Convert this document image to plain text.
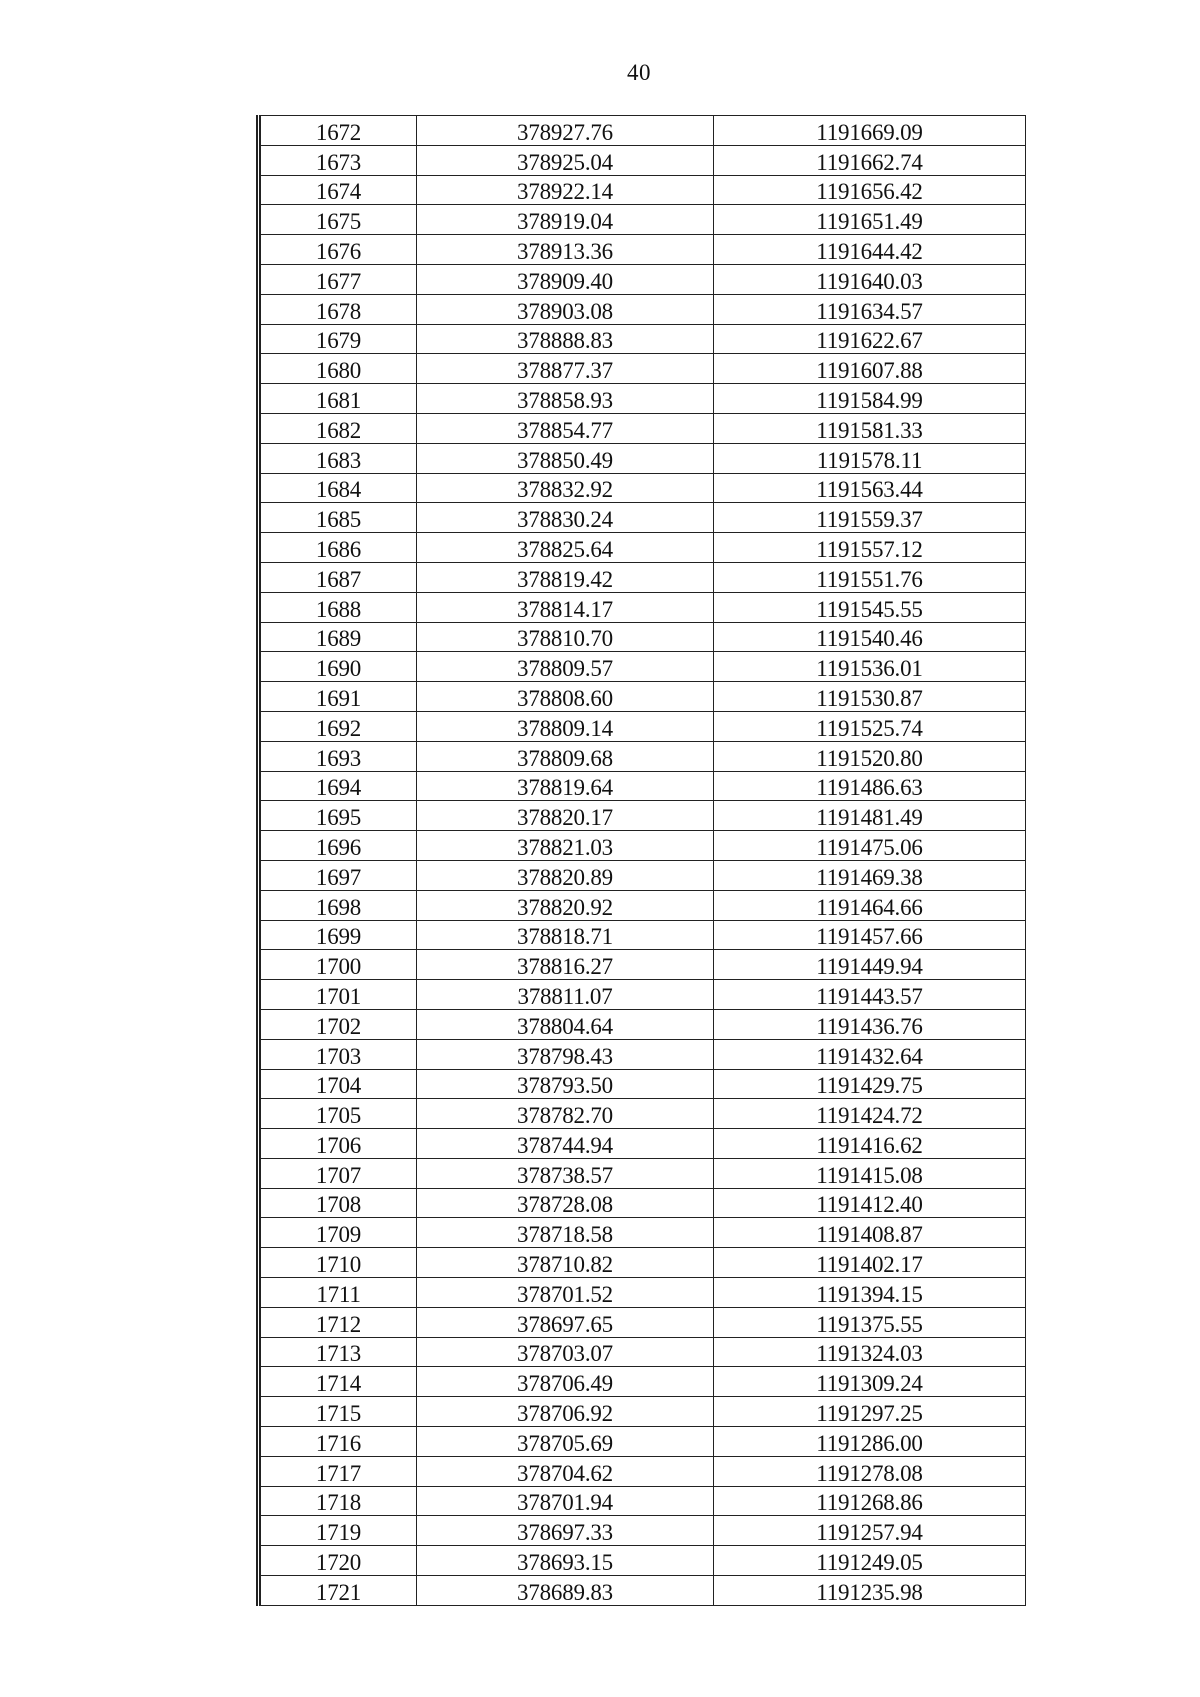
40
1672	378927.76	1191669.09
1673	378925.04	1191662.74
1674	378922.14	1191656.42
1675	378919.04	1191651.49
1676	378913.36	1191644.42
1677	378909.40	1191640.03
1678	378903.08	1191634.57
1679	378888.83	1191622.67
1680	378877.37	1191607.88
1681	378858.93	1191584.99
1682	378854.77	1191581.33
1683	378850.49	1191578.11
1684	378832.92	1191563.44
1685	378830.24	1191559.37
1686	378825.64	1191557.12
1687	378819.42	1191551.76
1688	378814.17	1191545.55
1689	378810.70	1191540.46
1690	378809.57	1191536.01
1691	378808.60	1191530.87
1692	378809.14	1191525.74
1693	378809.68	1191520.80
1694	378819.64	1191486.63
1695	378820.17	1191481.49
1696	378821.03	1191475.06
1697	378820.89	1191469.38
1698	378820.92	1191464.66
1699	378818.71	1191457.66
1700	378816.27	1191449.94
1701	378811.07	1191443.57
1702	378804.64	1191436.76
1703	378798.43	1191432.64
1704	378793.50	1191429.75
1705	378782.70	1191424.72
1706	378744.94	1191416.62
1707	378738.57	1191415.08
1708	378728.08	1191412.40
1709	378718.58	1191408.87
1710	378710.82	1191402.17
1711	378701.52	1191394.15
1712	378697.65	1191375.55
1713	378703.07	1191324.03
1714	378706.49	1191309.24
1715	378706.92	1191297.25
1716	378705.69	1191286.00
1717	378704.62	1191278.08
1718	378701.94	1191268.86
1719	378697.33	1191257.94
1720	378693.15	1191249.05
1721	378689.83	1191235.98
